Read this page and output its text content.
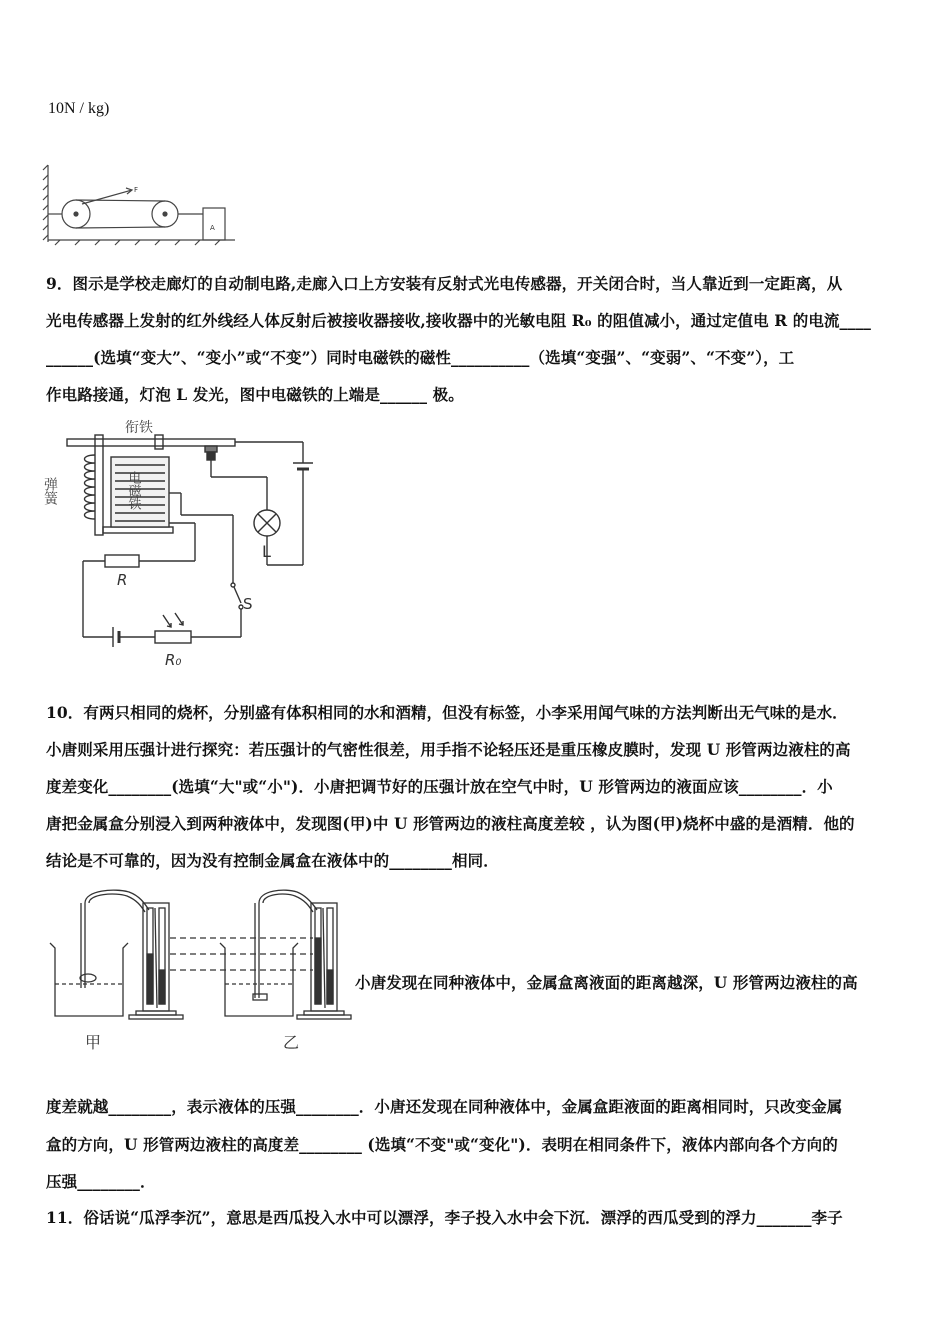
10N / kg)
F
A
9．图示是学校走廊灯的自动制电路,走廊入口上方安装有反射式光电传感器，开关闭合时，当人靠近到一定距离，从
光电传感器上发射的红外线经人体反射后被接收器接收,接收器中的光敏电阻 R₀ 的阻值减小，通过定值电 R 的电流____
______(选填“变大”、“变小”或“不变”）同时电磁铁的磁性__________（选填“变强”、“变弱”、“不变”），工
作电路接通，灯泡 L 发光，图中电磁铁的上端是______ 极。
衔铁
弹簧	电磁铁
L
R
S
R₀
10．有两只相同的烧杯，分别盛有体积相同的水和酒精，但没有标签，小李采用闻气味的方法判断出无气味的是水．
小唐则采用压强计进行探究：若压强计的气密性很差，用手指不论轻压还是重压橡皮膜时，发现 U 形管两边液柱的高
度差变化________(选填“大"或“小")．小唐把调节好的压强计放在空气中时，U 形管两边的液面应该________．小
唐把金属盒分别浸入到两种液体中，发现图(甲)中 U 形管两边的液柱高度差较 ，认为图(甲)烧杯中盛的是酒精．他的
结论是不可靠的，因为没有控制金属盒在液体中的________相同．
甲	乙
小唐发现在同种液体中，金属盒离液面的距离越深，U 形管两边液柱的高
度差就越________，表示液体的压强________．小唐还发现在同种液体中，金属盒距液面的距离相同时，只改变金属
盒的方向，U 形管两边液柱的高度差________ (选填“不变"或“变化")．表明在相同条件下，液体内部向各个方向的
压强________．
11．俗话说“瓜浮李沉”，意思是西瓜投入水中可以漂浮，李子投入水中会下沉．漂浮的西瓜受到的浮力_______李子
